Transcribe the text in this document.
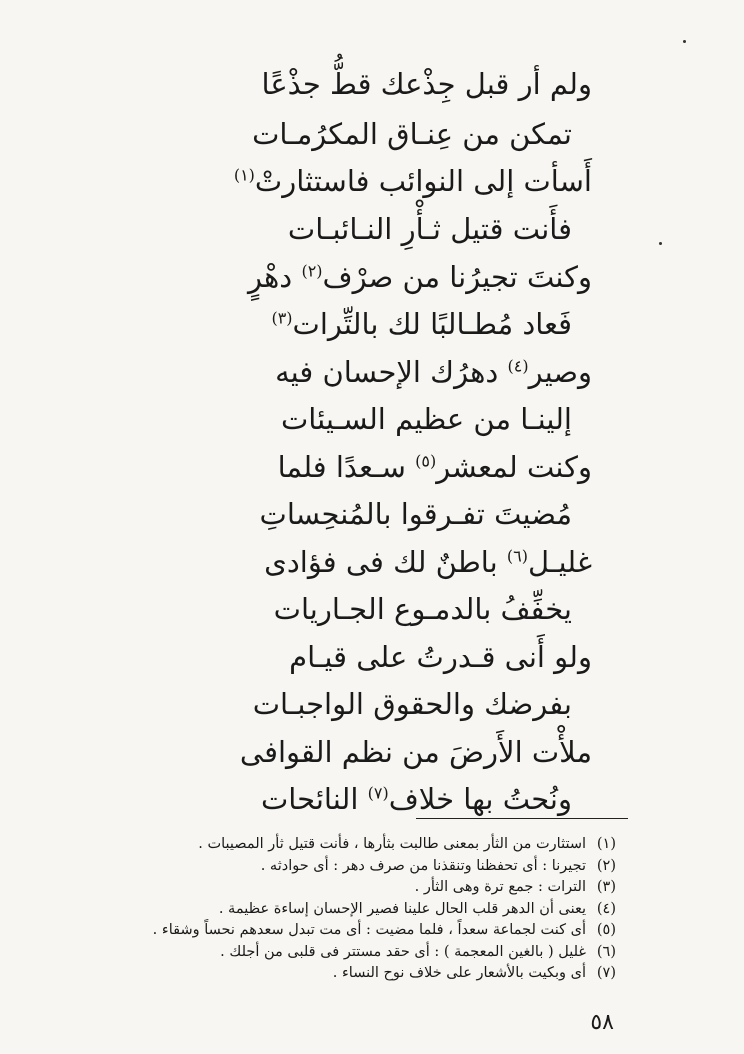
ولم أر قبل جِذْعك قطُّ جذْعًا
تمكن من عِنـاق المكرُمـات
أَسأت إلى النوائب فاستثارتْ$^{(١)}$
فأَنت قتيل ثـأْرِ النـائبـات
وكنتَ تجيرُنا من صرْف$^{(٢)}$ دهْرٍ
فَعاد مُطـالبًا لك بالتِّرات$^{(٣)}$
وصير$^{(٤)}$ دهرُك الإحسان فيه
إلينـا من عظيم السـيئات
وكنت لمعشر$^{(٥)}$ سـعدًا فلما
مُضيتَ تفـرقوا بالمُنحِساتِ
غليـل$^{(٦)}$ باطنٌ لك فى فؤادى
يخفِّفُ بالدمـوع الجـاريات
ولو أَنى قـدرتُ على قيـام
بفرضك والحقوق الواجبـات
ملأْت الأَرضَ من نظم القوافى
ونُحتُ بها خلاف$^{(٧)}$ النائحات
(١)
استثارت من الثأر بمعنى طالبت بثأرها ، فأنت قتيل ثأر المصيبات .
(٢)
تجيرنا : أى تحفظنا وتنقذنا من صرف دهر : أى حوادثه .
(٣)
الترات : جمع ترة وهى الثأر .
(٤)
يعنى أن الدهر قلب الحال علينا فصير الإحسان إساءة عظيمة .
(٥)
أى كنت لجماعة سعداً ، فلما مضيت : أى مت تبدل سعدهم نحساً وشقاء .
(٦)
غليل ( بالغين المعجمة ) : أى حقد مستتر فى قلبى من أجلك .
(٧)
أى وبكيت بالأشعار على خلاف نوح النساء .
٥٨
